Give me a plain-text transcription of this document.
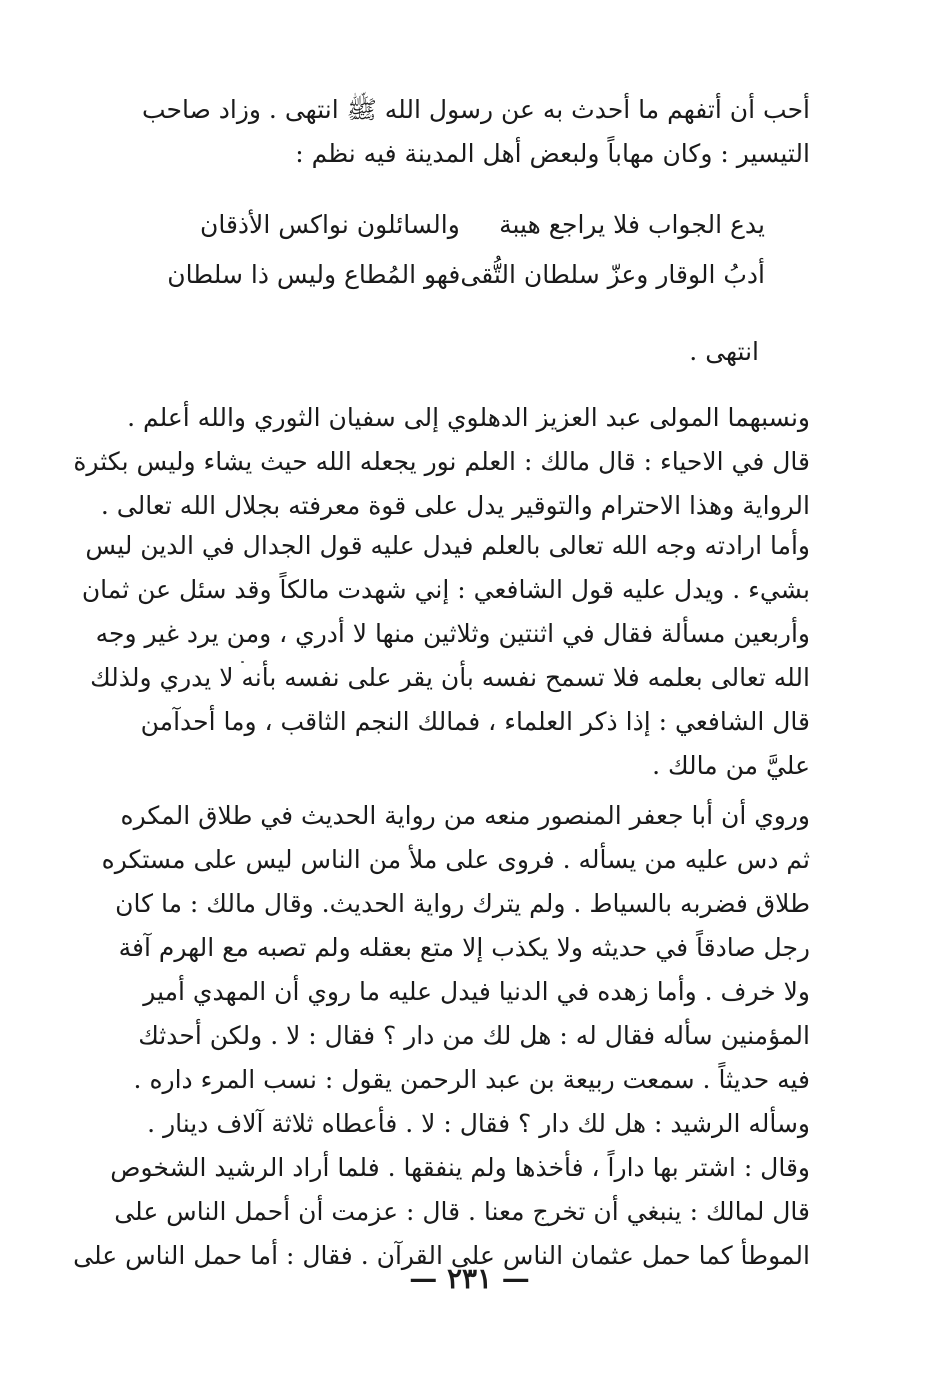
أحب أن أتفهم ما أحدث به عن رسول الله ﷺ انتهى . وزاد صاحب
التيسير : وكان مهاباً ولبعض أهل المدينة فيه نظم :
يدع الجواب فلا يراجع هيبة
والسائلون نواكس الأذقان
أدبُ الوقار وعزّ سلطان التُّقى
فهو المُطاع وليس ذا سلطان
انتهى .
ونسبهما المولى عبد العزيز الدهلوي إلى سفيان الثوري والله أعلم .
قال في الاحياء : قال مالك : العلم نور يجعله الله حيث يشاء وليس بكثرة
الرواية وهذا الاحترام والتوقير يدل على قوة معرفته بجلال الله تعالى .
وأما ارادته وجه الله تعالى بالعلم فيدل عليه قول الجدال في الدين ليس
بشيء . ويدل عليه قول الشافعي : إني شهدت مالكاً وقد سئل عن ثمان
وأربعين مسألة فقال في اثنتين وثلاثين منها لا أدري ، ومن يرد غير وجه
الله تعالى بعلمه فلا تسمح نفسه بأن يقر على نفسه بأنه لا يدري ولذلك
قال الشافعي : إذا ذكر العلماء ، فمالك النجم الثاقب ، وما أحدآمن
عليَّ من مالك .
وروي أن أبا جعفر المنصور منعه من رواية الحديث في طلاق المكره
ثم دس عليه من يسأله . فروى على ملأ من الناس ليس على مستكره
طلاق فضربه بالسياط . ولم يترك رواية الحديث. وقال مالك : ما كان
رجل صادقاً في حديثه ولا يكذب إلا متع بعقله ولم تصبه مع الهرم آفة
ولا خرف . وأما زهده في الدنيا فيدل عليه ما روي أن المهدي أمير
المؤمنين سأله فقال له : هل لك من دار ؟ فقال : لا . ولكن أحدثك
فيه حديثاً . سمعت ربيعة بن عبد الرحمن يقول : نسب المرء داره .
وسأله الرشيد : هل لك دار ؟ فقال : لا . فأعطاه ثلاثة آلاف دينار .
وقال : اشتر بها داراً ، فأخذها ولم ينفقها . فلما أراد الرشيد الشخوص
قال لمالك : ينبغي أن تخرج معنا . قال : عزمت أن أحمل الناس على
الموطأ كما حمل عثمان الناس على القرآن . فقال : أما حمل الناس على
— ٢٣١ —
